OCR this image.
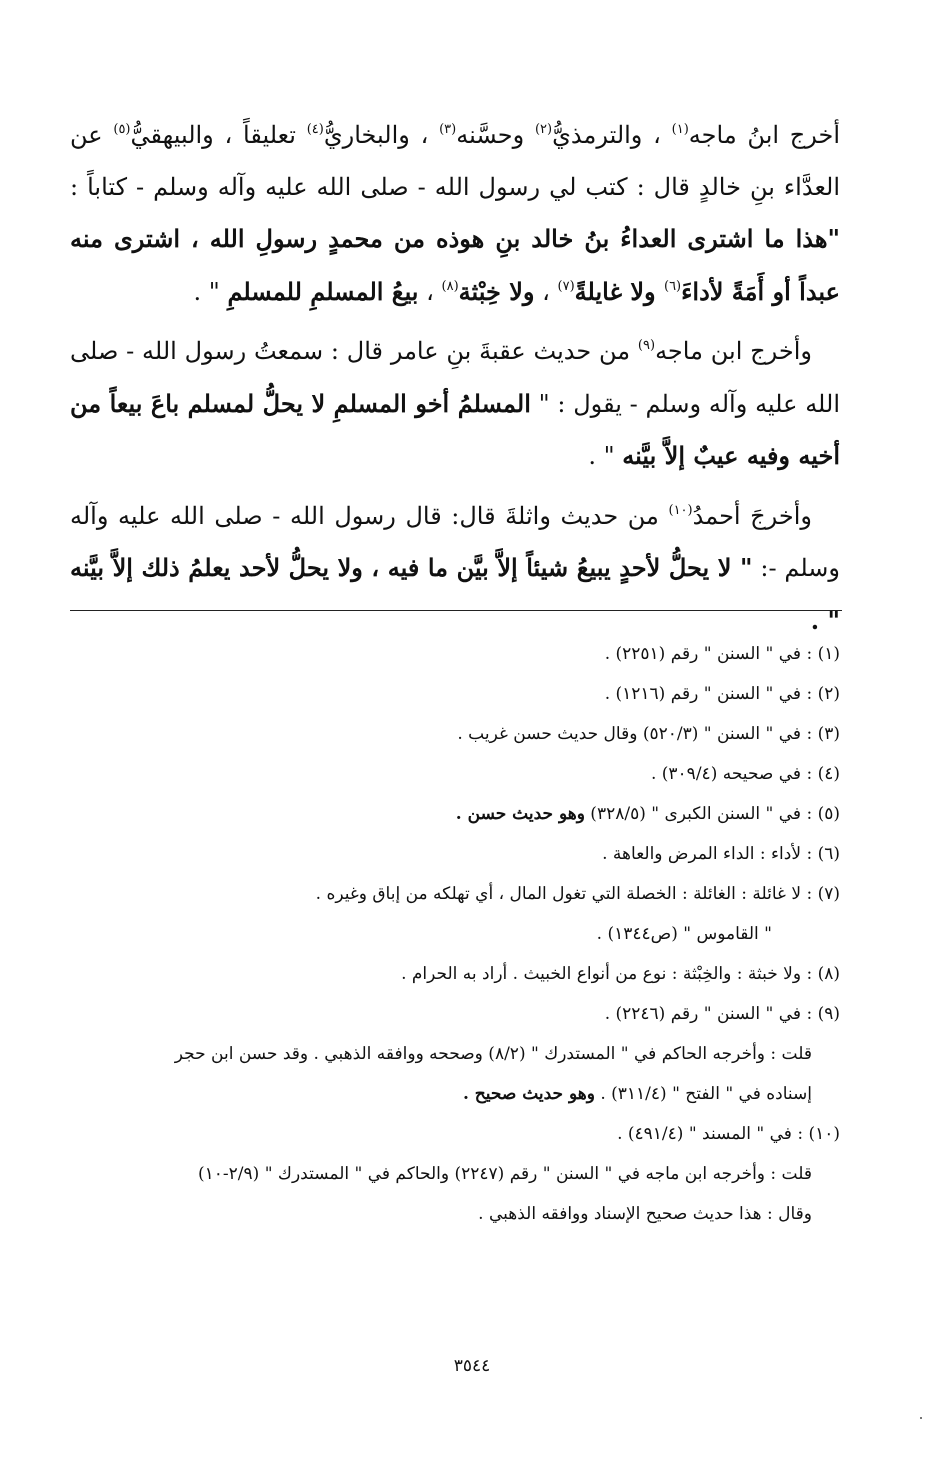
أخرج ابنُ ماجه$^{(١)}$ ، والترمذيُّ$^{(٢)}$ وحسَّنه$^{(٣)}$ ، والبخاريُّ$^{(٤)}$ تعليقاً ، والبيهقيُّ$^{(٥)}$ عن العدَّاء بنِ خالدٍ قال : كتب لي رسول الله - صلى الله عليه وآله وسلم - كتاباً : "هذا ما اشترى العداءُ بنُ خالد بنِ هوذه من محمدٍ رسولِ الله ، اشترى منه عبداً أو أَمَةً لأداءَ$^{(٦)}$ ولا غايلةً$^{(٧)}$ ، ولا خِبْثة$^{(٨)}$ ، بيعُ المسلمِ للمسلمِ " .

وأخرج ابن ماجه$^{(٩)}$ من حديث عقبةَ بنِ عامر قال : سمعتُ رسول الله - صلى الله عليه وآله وسلم - يقول : " المسلمُ أخو المسلمِ لا يحلُّ لمسلم باعَ بيعاً من أخيه وفيه عيبٌ إلاَّ بيَّنه " .

وأخرجَ أحمدُ$^{(١٠)}$ من حديث واثلةَ قال: قال رسول الله - صلى الله عليه وآله وسلم -: " لا يحلُّ لأحدٍ يبيعُ شيئاً إلاَّ بيَّن ما فيه ، ولا يحلُّ لأحد يعلمُ ذلك إلاَّ بيَّنه " .

(١) : في " السنن " رقم (٢٢٥١) .

(٢) : في " السنن " رقم (١٢١٦) .

(٣) : في " السنن " (٥٢٠/٣) وقال حديث حسن غريب .

(٤) : في صحيحه (٣٠٩/٤) .

(٥) : في " السنن الكبرى " (٣٢٨/٥) وهو حديث حسن .

(٦) : لأداء : الداء المرض والعاهة .

(٧) : لا غائلة : الغائلة : الخصلة التي تغول المال ، أي تهلكه من إباق وغيره .

" القاموس " (ص١٣٤٤) .

(٨) : ولا خبثة : والخِبْثة : نوع من أنواع الخبيث . أراد به الحرام .

(٩) : في " السنن " رقم (٢٢٤٦) .

قلت : وأخرجه الحاكم في " المستدرك " (٨/٢) وصححه ووافقه الذهبي . وقد حسن ابن حجر

إسناده في " الفتح " (٣١١/٤) . وهو حديث صحيح .

(١٠) : في " المسند " (٤٩١/٤) .

قلت : وأخرجه ابن ماجه في " السنن " رقم (٢٢٤٧) والحاكم في " المستدرك " (٢/٩-١٠)

وقال : هذا حديث صحيح الإسناد ووافقه الذهبي .

٣٥٤٤
